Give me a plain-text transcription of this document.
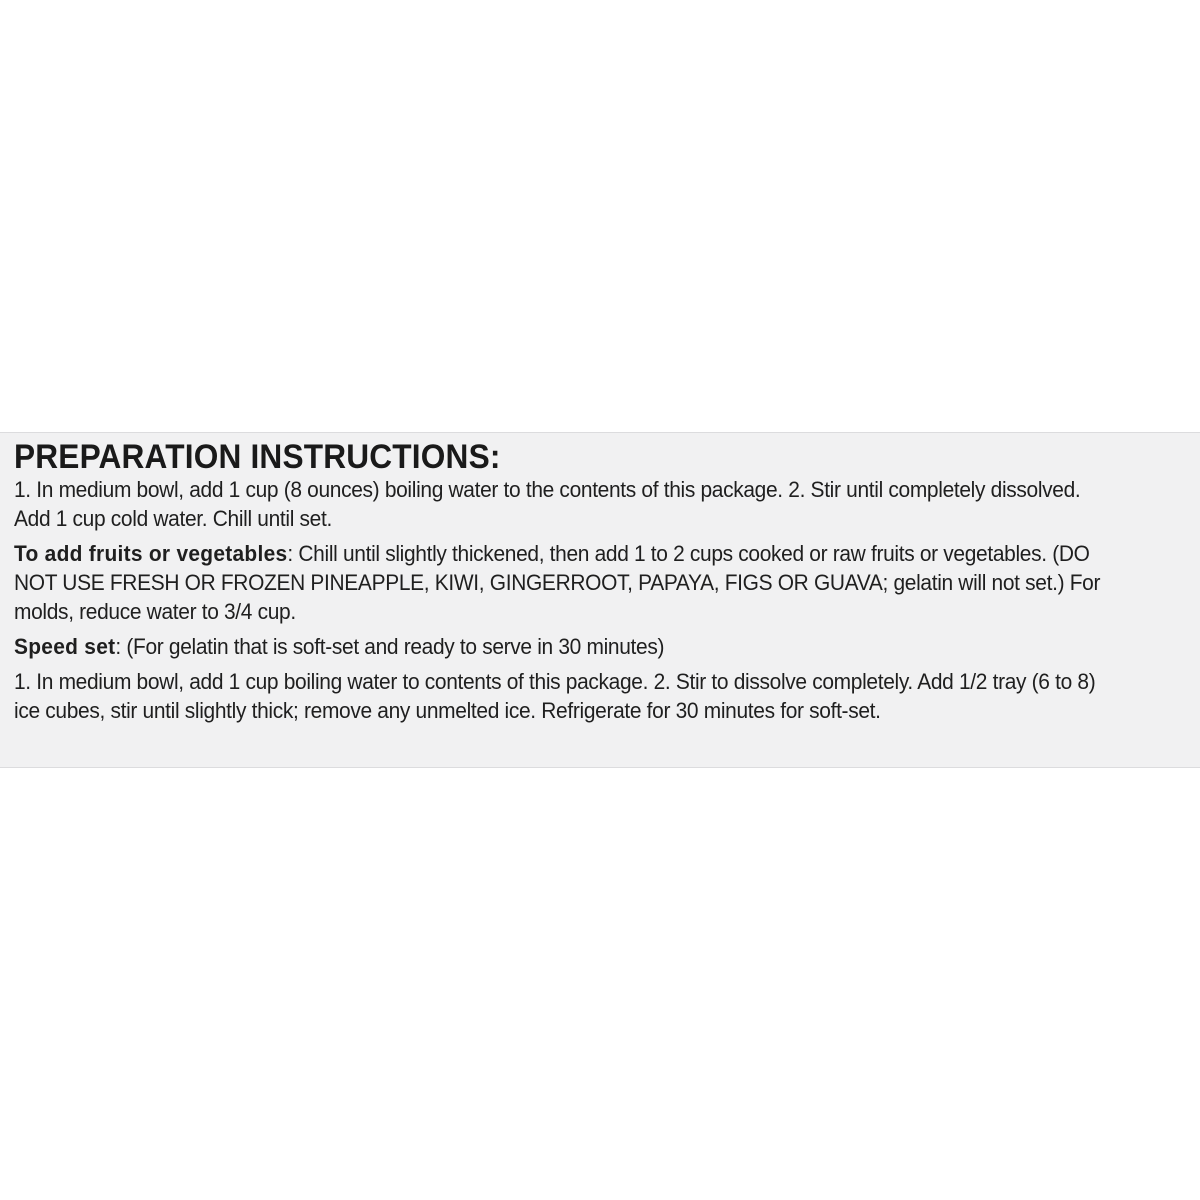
PREPARATION INSTRUCTIONS:

1. In medium bowl, add 1 cup (8 ounces) boiling water to the contents of this package. 2. Stir until completely dissolved. Add 1 cup cold water. Chill until set.

To add fruits or vegetables: Chill until slightly thickened, then add 1 to 2 cups cooked or raw fruits or vegetables. (DO NOT USE FRESH OR FROZEN PINEAPPLE, KIWI, GINGERROOT, PAPAYA, FIGS OR GUAVA; gelatin will not set.) For molds, reduce water to 3/4 cup.

Speed set: (For gelatin that is soft-set and ready to serve in 30 minutes)

1. In medium bowl, add 1 cup boiling water to contents of this package. 2. Stir to dissolve completely. Add 1/2 tray (6 to 8) ice cubes, stir until slightly thick; remove any unmelted ice. Refrigerate for 30 minutes for soft-set.
